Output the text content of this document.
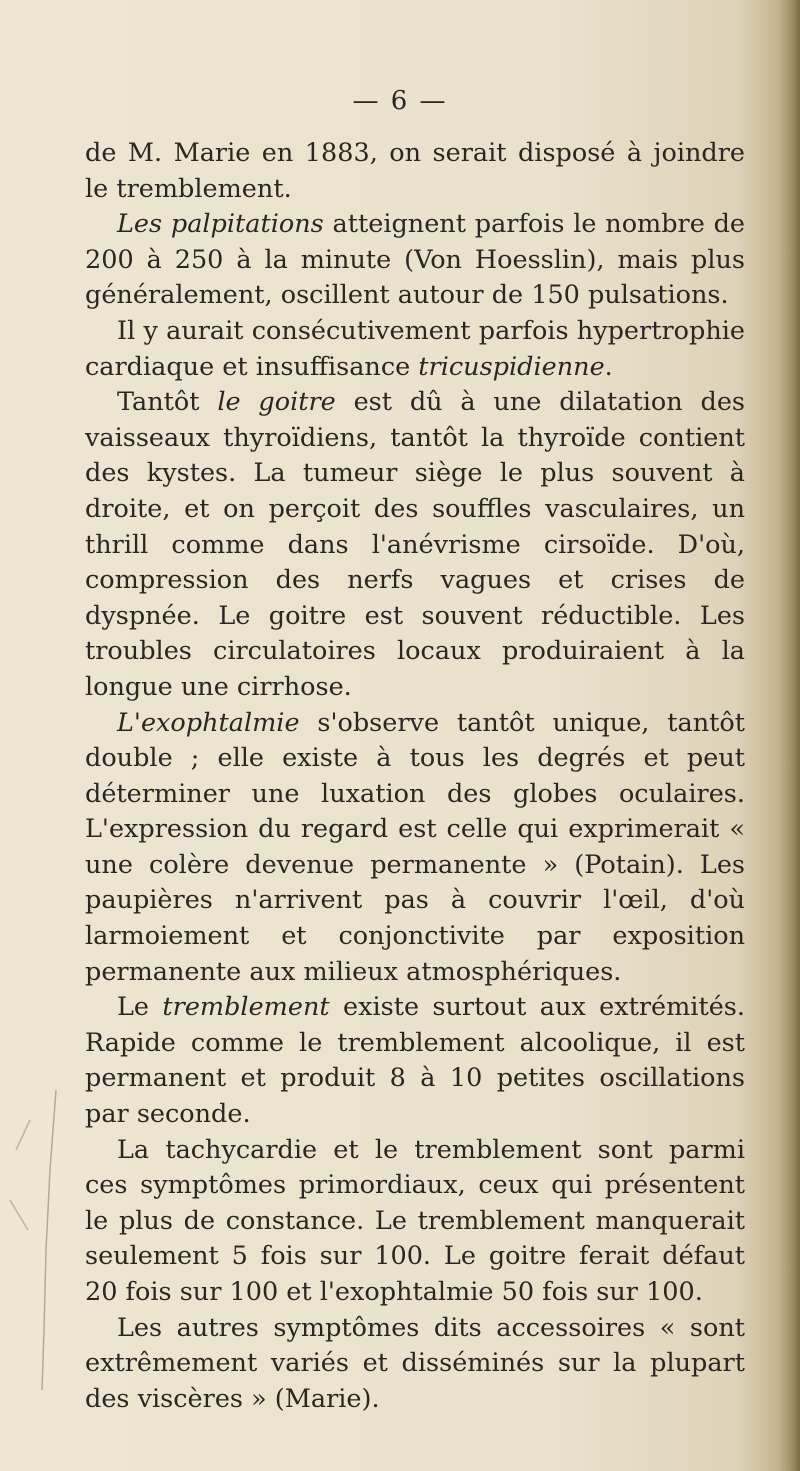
— 6 —

de M. Marie en 1883, on serait disposé à joindre le tremblement.

Les palpitations atteignent parfois le nombre de 200 à 250 à la minute (Von Hoesslin), mais plus généralement, oscillent autour de 150 pulsations.

Il y aurait consécutivement parfois hypertrophie cardiaque et insuffisance tricuspidienne.

Tantôt le goitre est dû à une dilatation des vaisseaux thyroïdiens, tantôt la thyroïde contient des kystes. La tumeur siège le plus souvent à droite, et on perçoit des souffles vasculaires, un thrill comme dans l'anévrisme cirsoïde. D'où, compression des nerfs vagues et crises de dyspnée. Le goitre est souvent réductible. Les troubles circulatoires locaux produiraient à la longue une cirrhose.

L'exophtalmie s'observe tantôt unique, tantôt double ; elle existe à tous les degrés et peut déterminer une luxation des globes oculaires. L'expression du regard est celle qui exprimerait « une colère devenue permanente » (Potain). Les paupières n'arrivent pas à couvrir l'œil, d'où larmoiement et conjonctivite par exposition permanente aux milieux atmosphériques.

Le tremblement existe surtout aux extrémités. Rapide comme le tremblement alcoolique, il est permanent et produit 8 à 10 petites oscillations par seconde.

La tachycardie et le tremblement sont parmi ces symptômes primordiaux, ceux qui présentent le plus de constance. Le tremblement manquerait seulement 5 fois sur 100. Le goitre ferait défaut 20 fois sur 100 et l'exophtalmie 50 fois sur 100.

Les autres symptômes dits accessoires « sont extrêmement variés et disséminés sur la plupart des viscères » (Marie).
